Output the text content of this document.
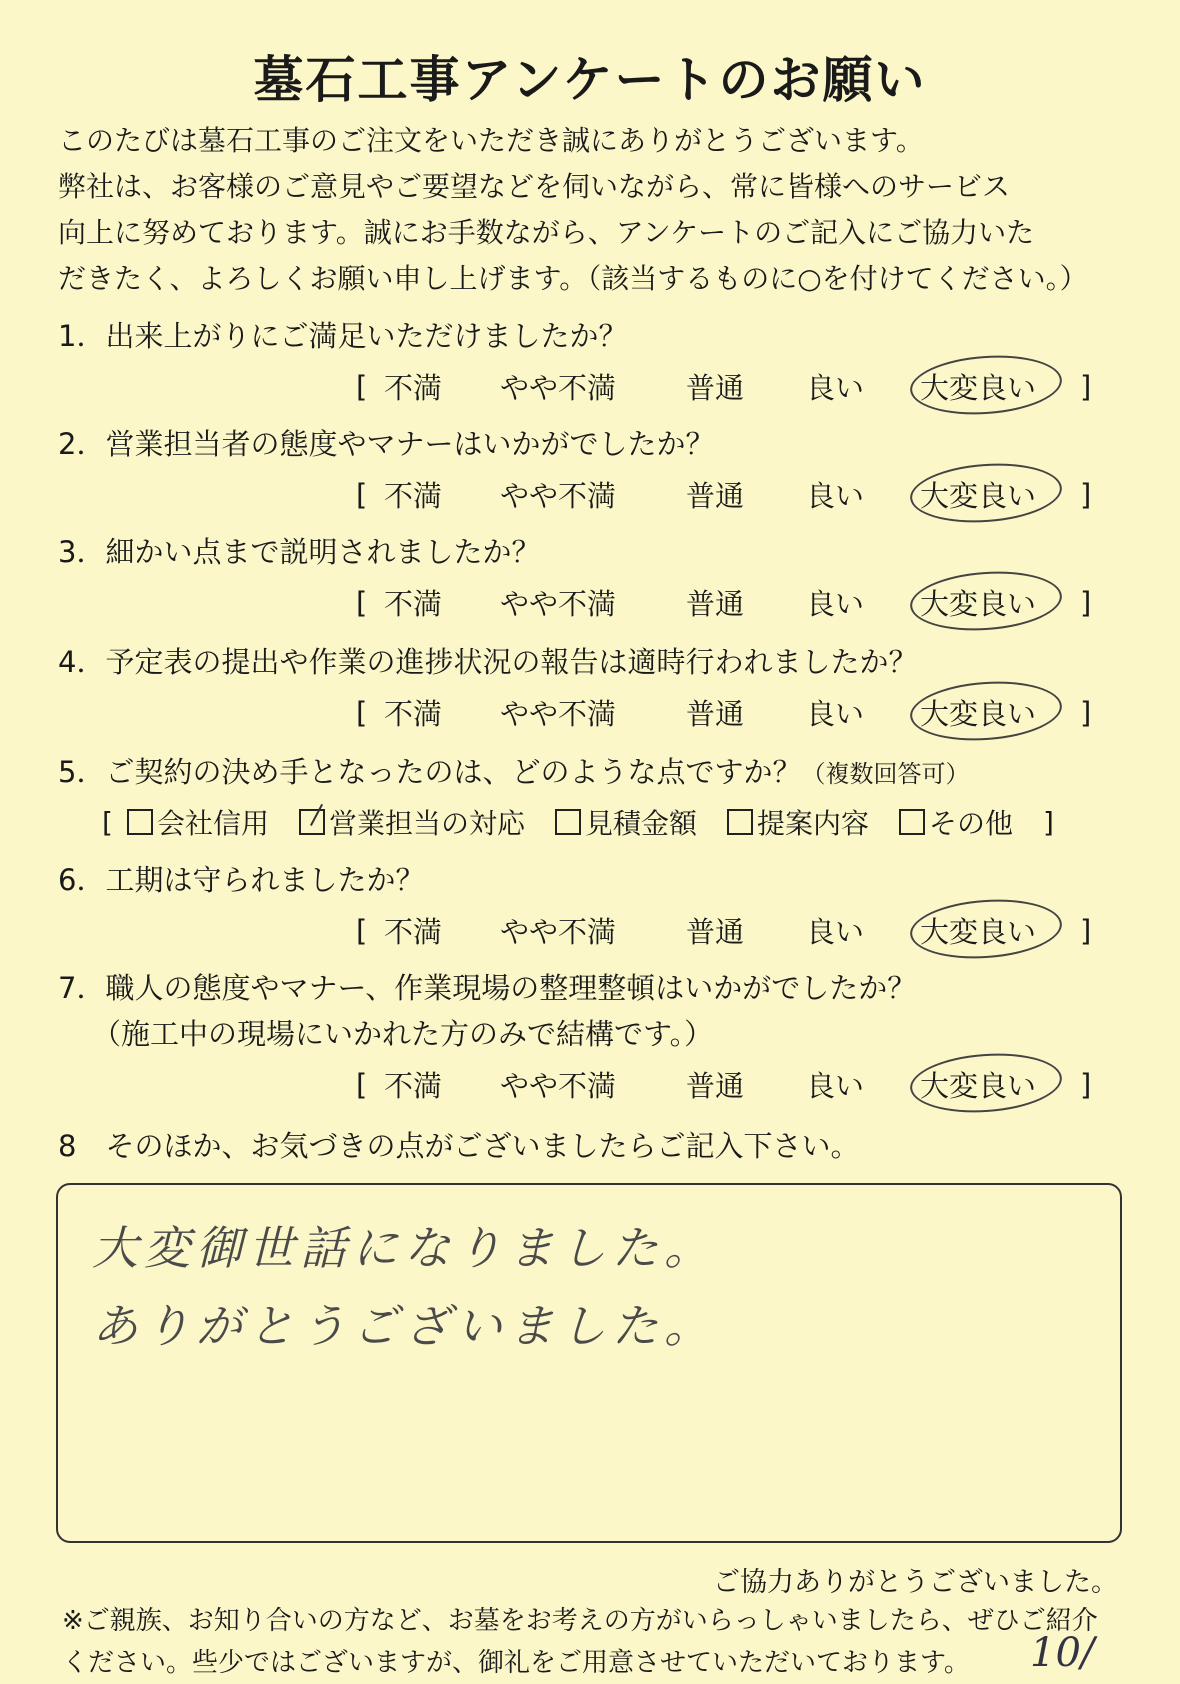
墓石工事アンケートのお願い

このたびは墓石工事のご注文をいただき誠にありがとうございます。

弊社は、お客様のご意見やご要望などを伺いながら、常に皆様へのサービス

向上に努めております。誠にお手数ながら、アンケートのご記入にご協力いた

だきたく、よろしくお願い申し上げます。（該当するものに○を付けてください。）

1．出来上がりにご満足いただけましたか？
[ 不満	やや不満	普通	良い	大変良い	]
2．営業担当者の態度やマナーはいかがでしたか？
[ 不満	やや不満	普通	良い	大変良い	]
3．細かい点まで説明されましたか？
[ 不満	やや不満	普通	良い	大変良い	]
4．予定表の提出や作業の進捗状況の報告は適時行われましたか？
[ 不満	やや不満	普通	良い	大変良い	]
5．ご契約の決め手となったのは、どのような点ですか？（複数回答可）
[ 会社信用 営業担当の対応 見積金額 提案内容 その他 ]
6．工期は守られましたか？
[ 不満	やや不満	普通	良い	大変良い	]
7．職人の態度やマナー、作業現場の整理整頓はいかがでしたか？
（施工中の現場にいかれた方のみで結構です。）
[ 不満	やや不満	普通	良い	大変良い	]
8　そのほか、お気づきの点がございましたらご記入下さい。
大変御世話になりました。
ありがとうございました。
ご協力ありがとうございました。

※ご親族、お知り合いの方など、お墓をお考えの方がいらっしゃいましたら、ぜひご紹介

ください。些少ではございますが、御礼をご用意させていただいております。	10/
